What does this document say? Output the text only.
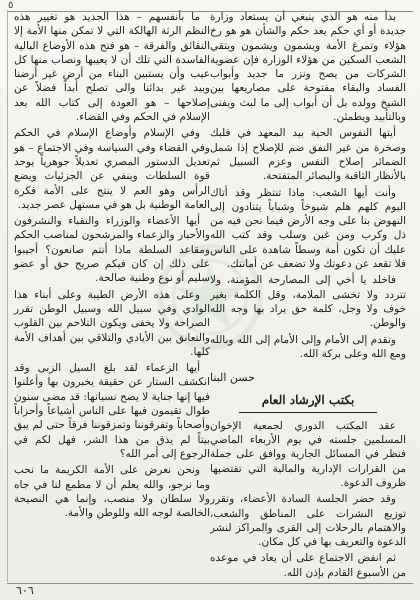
٥

ما بأنفسهم – هذا الجديد هو تغيير هذه النظم الرثة الهالكة التي لا تمكن منها الأمة إلا النقائق والفرقة – هو فتح هذه الأوضاع البالية الفاسدة التي تلك أن لا يعيبها ونصاب منها كل عيب وأن يستبين البناء من أرض غير أرضنا وبيد غير بدائنا والى تصلح أبداً فضلاً عن إصلاحها – هو العودة إلى كتاب الله بعد الإسلام في الحكم وفي القضاء.

وفي الإسلام وأوضاع الإسلام في الحكم وفي القضاء وفي السياسة وفي الاجتماع – هو تعديل الدستور المصري تعديلاً جوهرياً يوحد قوة السلطات وينفي عن الجزئيات ويضع الرأس وهو العم لا ينتج على الأمة فكرة العامة الوطنية بل هو في مستهل عصر جديد.

أيها الأعضاء والوزراء والنقباء والنشرفون والأحبار والزعماء والمرشحون لمناصب الحكم ومقاعد السلطة ماذا أنتم صانعون؟ أجيبوا على ذلك إن كان فيكم صريح حق أو عضو سليم أو نوع وطنية صالحة.

وعلى هذه الأرض الطيبة وعلى أبناء هذا الوادي وفي سبيل الله وسبيل الوطن تقرر الصراحة ولا يخفى ويكون التلاحم بين القلوب والتعانق بين الأيادي والتلاقي بين أهداف الأمة كلها.

أيها الزعماء لقد بلغ السيل الزبى وقد انكشف الستار عن حقيقة يخبرون بها وأعلنوا فيها إنها جناية لا يصح نسيانها: قد مضى سنون طوال تقيمون فيها على الناس أشياعاً وأحزاباً وأصحاباً وتفرقوننا وتمزقوننا فرقاً حتى لم يبق بيتاً لم يذق من هذا الشر، فهل لكم في الرجوع إلى أمر الله؟

ونحن نعرض على الأمة الكريمة ما نحب وما نرجو، والله يعلم أن لا مطمع لنا في جاه ولا سلطان ولا منصب، وإنما هي النصيحة الخالصة لوجه الله وللوطن والأمة.

بدأ منه هو الذي ينبغي أن يستعاد وزارة جديدة أو أي حكم يعد حكم والشأن هو هو رخ هؤلاء وتمرغ الأمة ويشمون ويشمون ويتقي الشعب السكين من هؤلاء الوزارة فإن عضوية الشركات من يصح ونزر ما جديد وأبواب الفساد والبقاء مفتوحة على مصاريعها بين الشيخ وولده بل أن أبواب إلى ما لبث ويفنى وبالتأبيد ويطمئن.

أيتها النفوس الحية بيد المعهد في قلبك وصخرة من غير النفق ضم للإصلاح إذا شمل الضمائر إصلاح النفس وعزم السبيل ثم بالأنظار الثاقبة والبصائر المتفتحة.

وأنت أيها الشعب: ماذا تنتظر وقد أتاك اليوم كلهم هلم شيوخاً وشباباً يتنادون إلى النهوض بنا على وجه الأرض فيما نحن فيه من ذل وكرب ومن غبن وسلب وقد كتب الله عليك أن تكون أمة وسطاً شاهدة على الناس فلا تقعد عن دعوتك ولا تضعف عن أمانتك.

فاخلد يا أخي إلى المصارحة المؤمنة، ولا تتردد ولا تخشى الملامة، وقل الكلمة بغير خوف ولا وجل، كلمة حق يراد بها وجه الله والوطن.

وتقدم إلى الأمام وإلى الأمام إلى الله وبالله ومع الله وعلى بركة الله.

حسن البنا
بكتب الإرشاد العام

عقد المكتب الدوري لجمعية الإخوان المسلمين جلسته في يوم الأربعاء الماضي فنظر في المسائل الجارية ووافق على جملة من القرارات الإدارية والمالية التي تقتضيها ظروف الدعوة.

وقد حضر الجلسة السادة الأعضاء، وتقرر توزيع النشرات على المناطق والشعب، والاهتمام بالرحلات إلى القرى والمراكز لنشر الدعوة والتعريف بها في كل مكان.

ثم انفض الاجتماع على أن يعاد في موعده من الأسبوع القادم بإذن الله.

٦٠٦
